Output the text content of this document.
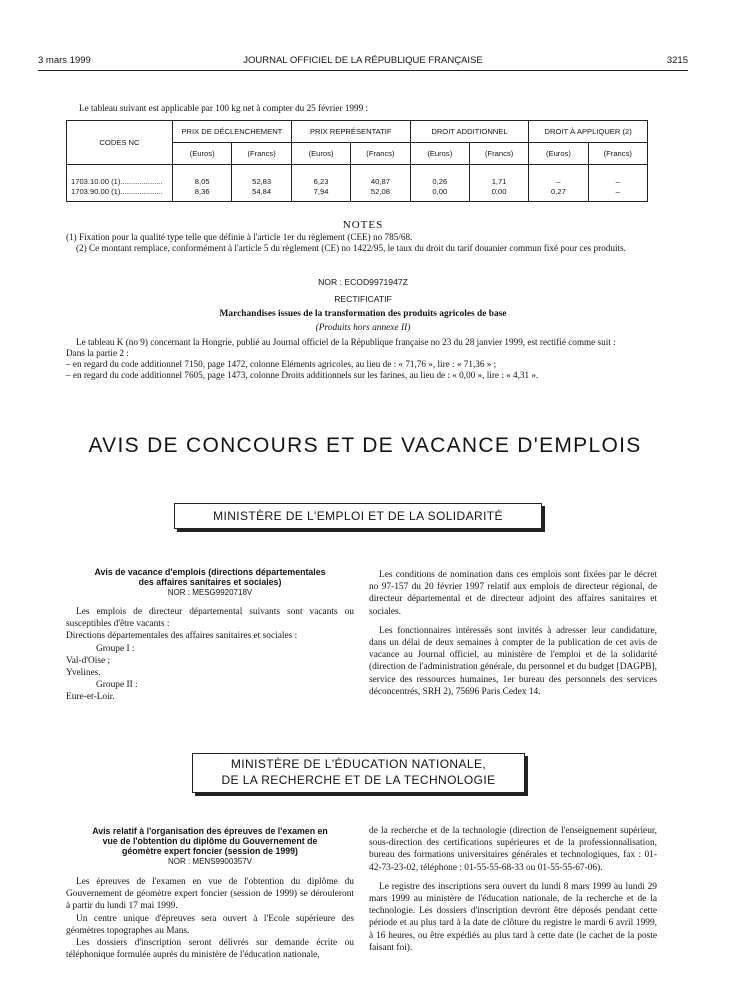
3 mars 1999	JOURNAL OFFICIEL DE LA RÉPUBLIQUE FRANÇAISE	3215

Le tableau suivant est applicable par 100 kg net à compter du 25 février 1999 :

CODES NC	PRIX DE DÉCLENCHEMENT		PRIX REPRÉSENTATIF		DROIT ADDITIONNEL		DROIT À APPLIQUER (2)	
	(Euros)	(Francs)	(Euros)	(Francs)	(Euros)	(Francs)	(Euros)	(Francs)

1703.10.00 (1)....................	8,05	52,83	6,23	40,87	0,26	1,71	–	–
1703.90.00 (1)....................	8,36	54,84	7,94	52,08	0,00	0,00	0,27	–

NOTES

(1) Fixation pour la qualité type telle que définie à l'article 1er du règlement (CEE) no 785/68.

(2) Ce montant remplace, conformément à l'article 5 du règlement (CE) no 1422/95, le taux du droit du tarif douanier commun fixé pour ces produits.

NOR : ECOD9971947Z

RECTIFICATIF

Marchandises issues de la transformation des produits agricoles de base

(Produits hors annexe II)

Le tableau K (no 9) concernant la Hongrie, publié au Journal officiel de la République française no 23 du 28 janvier 1999, est rectifié comme suit :

Dans la partie 2 :

– en regard du code additionnel 7150, page 1472, colonne Eléments agricoles, au lieu de : « 71,76 », lire : « 71,36 » ;

– en regard du code additionnel 7605, page 1473, colonne Droits additionnels sur les farines, au lieu de : « 0,00 », lire : « 4,31 ».

AVIS DE CONCOURS ET DE VACANCE D'EMPLOIS

MINISTÈRE DE L'EMPLOI ET DE LA SOLIDARITÉ

Avis de vacance d'emplois (directions départementales

des affaires sanitaires et sociales)

NOR : MESG9920718V

Les emplois de directeur départemental suivants sont vacants ou susceptibles d'être vacants :

Directions départementales des affaires sanitaires et sociales :

Groupe I :

Val-d'Oise ;

Yvelines.

Groupe II :

Eure-et-Loir.

Les conditions de nomination dans ces emplois sont fixées par le décret no 97-157 du 20 février 1997 relatif aux emplois de directeur régional, de directeur départemental et de directeur adjoint des affaires sanitaires et sociales.

Les fonctionnaires intéressés sont invités à adresser leur candidature, dans un délai de deux semaines à compter de la publication de cet avis de vacance au Journal officiel, au ministère de l'emploi et de la solidarité (direction de l'administration générale, du personnel et du budget [DAGPB], service des ressources humaines, 1er bureau des personnels des services déconcentrés, SRH 2), 75696 Paris Cedex 14.

MINISTÈRE DE L'ÉDUCATION NATIONALE,

DE LA RECHERCHE ET DE LA TECHNOLOGIE

Avis relatif à l'organisation des épreuves de l'examen en

vue de l'obtention du diplôme du Gouvernement de

géomètre expert foncier (session de 1999)

NOR : MENS9900357V

Les épreuves de l'examen en vue de l'obtention du diplôme du Gouvernement de géomètre expert foncier (session de 1999) se dérouleront à partir du lundi 17 mai 1999.

Un centre unique d'épreuves sera ouvert à l'Ecole supérieure des géomètres topographes au Mans.

Les dossiers d'inscription seront délivrés sur demande écrite ou téléphonique formulée auprès du ministère de l'éducation nationale,

de la recherche et de la technologie (direction de l'enseignement supérieur, sous-direction des certifications supérieures et de la professionnalisation, bureau des formations universitaires générales et technologiques, fax : 01-42-73-23-02, téléphone : 01-55-55-68-33 ou 01-55-55-67-06).

Le registre des inscriptions sera ouvert du lundi 8 mars 1999 au lundi 29 mars 1999 au ministère de l'éducation nationale, de la recherche et de la technologie. Les dossiers d'inscription devront être déposés pendant cette période et au plus tard à la date de clôture du registre le mardi 6 avril 1999, à 16 heures, ou être expédiés au plus tard à cette date (le cachet de la poste faisant foi).
